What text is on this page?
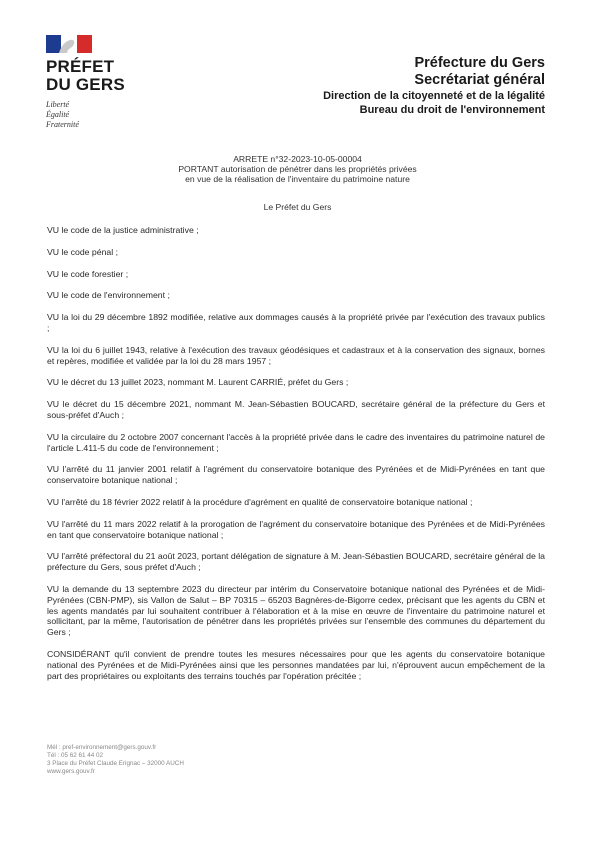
PRÉFET
DU GERS
Liberté
Égalité
Fraternité
Préfecture du Gers
Secrétariat général
Direction de la citoyenneté et de la légalité
Bureau du droit de l'environnement
ARRETE n°32-2023-10-05-00004
PORTANT autorisation de pénétrer dans les propriétés privées
en vue de la réalisation de l'inventaire du patrimoine nature
Le Préfet du Gers

VU le code de la justice administrative ;

VU le code pénal ;

VU le code forestier ;

VU le code de l'environnement ;

VU la loi du 29 décembre 1892 modifiée, relative aux dommages causés à la propriété privée par l'exécution des travaux publics ;

VU la loi du 6 juillet 1943, relative à l'exécution des travaux géodésiques et cadastraux et à la conservation des signaux, bornes et repères, modifiée et validée par la loi du 28 mars 1957 ;

VU le décret du 13 juillet 2023, nommant M. Laurent CARRIÉ, préfet du Gers ;

VU le décret du 15 décembre 2021, nommant M. Jean-Sébastien BOUCARD, secrétaire général de la préfecture du Gers et sous-préfet d'Auch ;

VU la circulaire du 2 octobre 2007 concernant l'accès à la propriété privée dans le cadre des inventaires du patrimoine naturel de l'article L.411-5 du code de l'environnement ;

VU l'arrêté du 11 janvier 2001 relatif à l'agrément du conservatoire botanique des Pyrénées et de Midi-Pyrénées en tant que conservatoire botanique national ;

VU l'arrêté du 18 février 2022 relatif à la procédure d'agrément en qualité de conservatoire botanique national ;

VU l'arrêté du 11 mars 2022 relatif à la prorogation de l'agrément du conservatoire botanique des Pyrénées et de Midi-Pyrénées en tant que conservatoire botanique national ;

VU l'arrêté préfectoral du 21 août 2023, portant délégation de signature à M. Jean-Sébastien BOUCARD, secrétaire général de la préfecture du Gers, sous préfet d'Auch ;

VU la demande du 13 septembre 2023 du directeur par intérim du Conservatoire botanique national des Pyrénées et de Midi-Pyrénées (CBN-PMP), sis Vallon de Salut – BP 70315 – 65203 Bagnères-de-Bigorre cedex, précisant que les agents du CBN et les agents mandatés par lui souhaitent contribuer à l'élaboration et à la mise en œuvre de l'inventaire du patrimoine naturel et sollicitant, par la même, l'autorisation de pénétrer dans les propriétés privées sur l'ensemble des communes du département du Gers ;

CONSIDÉRANT qu'il convient de prendre toutes les mesures nécessaires pour que les agents du conservatoire botanique national des Pyrénées et de Midi-Pyrénées ainsi que les personnes mandatées par lui, n'éprouvent aucun empêchement de la part des propriétaires ou exploitants des terrains touchés par l'opération précitée ;

Mél : pref-environnement@gers.gouv.fr
Tél : 05 62 61 44 02
3 Place du Préfet Claude Erignac – 32000 AUCH
www.gers.gouv.fr
